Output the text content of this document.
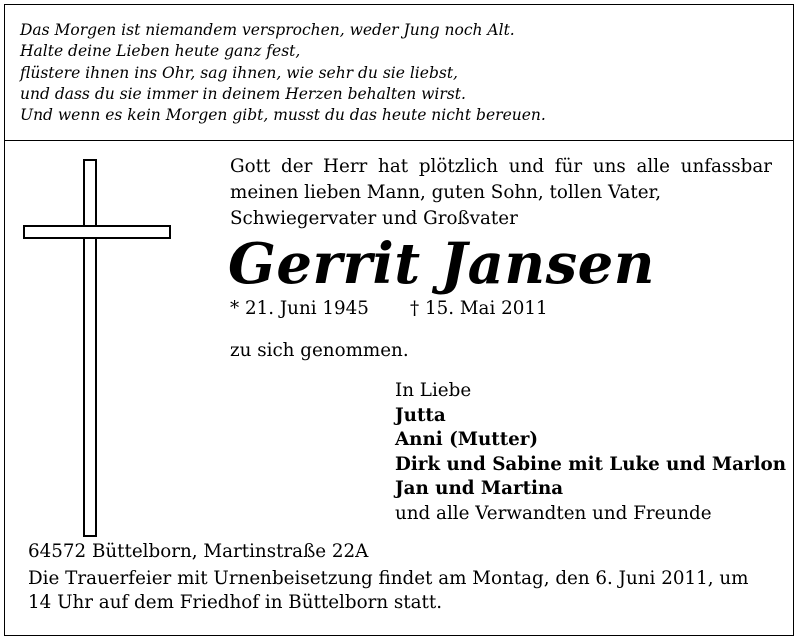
Das Morgen ist niemandem versprochen, weder Jung noch Alt.
Halte deine Lieben heute ganz fest,
flüstere ihnen ins Ohr, sag ihnen, wie sehr du sie liebst,
und dass du sie immer in deinem Herzen behalten wirst.
Und wenn es kein Morgen gibt, musst du das heute nicht bereuen.
Gott der Herr hat plötzlich und für uns alle unfassbar
meinen lieben Mann, guten Sohn, tollen Vater,
Schwiegervater und Großvater
Gerrit Jansen
* 21. Juni 1945 † 15. Mai 2011
zu sich genommen.
In Liebe
Jutta
Anni (Mutter)
Dirk und Sabine mit Luke und Marlon
Jan und Martina
und alle Verwandten und Freunde
64572 Büttelborn, Martinstraße 22A
Die Trauerfeier mit Urnenbeisetzung findet am Montag, den 6. Juni 2011, um
14 Uhr auf dem Friedhof in Büttelborn statt.
